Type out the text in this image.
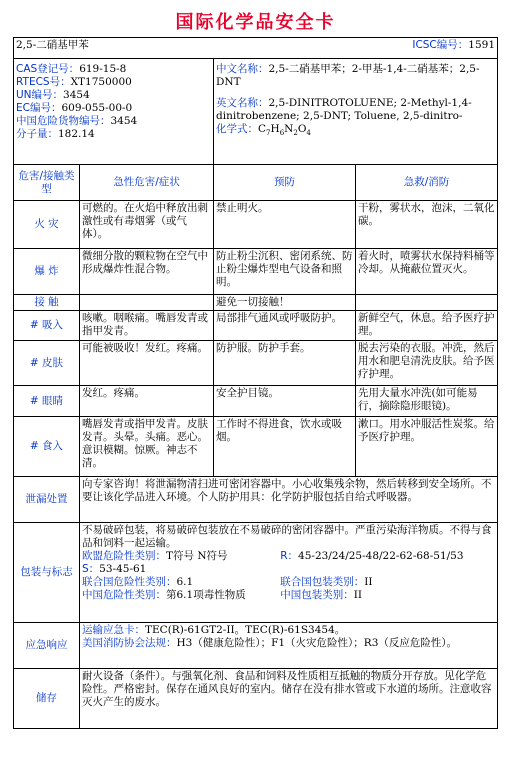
国际化学品安全卡
2,5-二硝基甲苯	ICSC编号：1591

CAS登记号：619-15-8
RTECS号：XT1750000
UN编号：3454
EC编号：609-055-00-0
中国危险货物编号：3454
分子量：182.14

中文名称：2,5-二硝基甲苯；2-甲基-1,4-二硝基苯；2,5-DNT
英文名称：2,5-DINITROTOLUENE; 2-Methyl-1,4-dinitrobenzene; 2,5-DNT; Toluene, 2,5-dinitro-
化学式：$C_7H_6N_2O_4$

危害/接触类型	急性危害/症状	预防	急救/消防
火 灾	可燃的。在火焰中释放出刺激性或有毒烟雾（或气体）。	禁止明火。	干粉，雾状水，泡沫，二氧化碳。
爆 炸	微细分散的颗粒物在空气中形成爆炸性混合物。	防止粉尘沉积、密闭系统、防止粉尘爆炸型电气设备和照明。	着火时，喷雾状水保持料桶等冷却。从掩蔽位置灭火。
接 触		避免一切接触！	
# 吸入	咳嗽。咽喉痛。嘴唇发青或指甲发青。	局部排气通风或呼吸防护。	新鲜空气，休息。给予医疗护理。
# 皮肤	可能被吸收！发红。疼痛。	防护服。防护手套。	脱去污染的衣服。冲洗，然后用水和肥皂清洗皮肤。给予医疗护理。
# 眼睛	发红。疼痛。	安全护目镜。	先用大量水冲洗(如可能易行，摘除隐形眼镜)。
# 食入	嘴唇发青或指甲发青。皮肤发青。头晕。头痛。恶心。意识模糊。惊厥。神志不清。	工作时不得进食，饮水或吸烟。	漱口。用水冲服活性炭浆。给予医疗护理。
泄漏处置	向专家咨询！将泄漏物清扫进可密闭容器中。小心收集残余物，然后转移到安全场所。不要让该化学品进入环境。个人防护用具：化学防护服包括自给式呼吸器。
包装与标志	
不易破碎包装，将易破碎包装放在不易破碎的密闭容器中。严重污染海洋物质。不得与食品和饲料一起运输。
欧盟危险性类别：T符号 N符号	R：45-23/24/25-48/22-62-68-51/53
S：53-45-61
联合国危险性类别：6.1	联合国包装类别：II
中国危险性类别：第6.1项毒性物质	中国包装类别：II

应急响应	
运输应急卡：TEC(R)-61GT2-II。TEC(R)-61S3454。
美国消防协会法规：H3（健康危险性）；F1（火灾危险性）；R3（反应危险性）。

储存	耐火设备（条件）。与强氧化剂、食品和饲料及性质相互抵触的物质分开存放。见化学危险性。严格密封。保存在通风良好的室内。储存在没有排水管或下水道的场所。注意收容灭火产生的废水。
